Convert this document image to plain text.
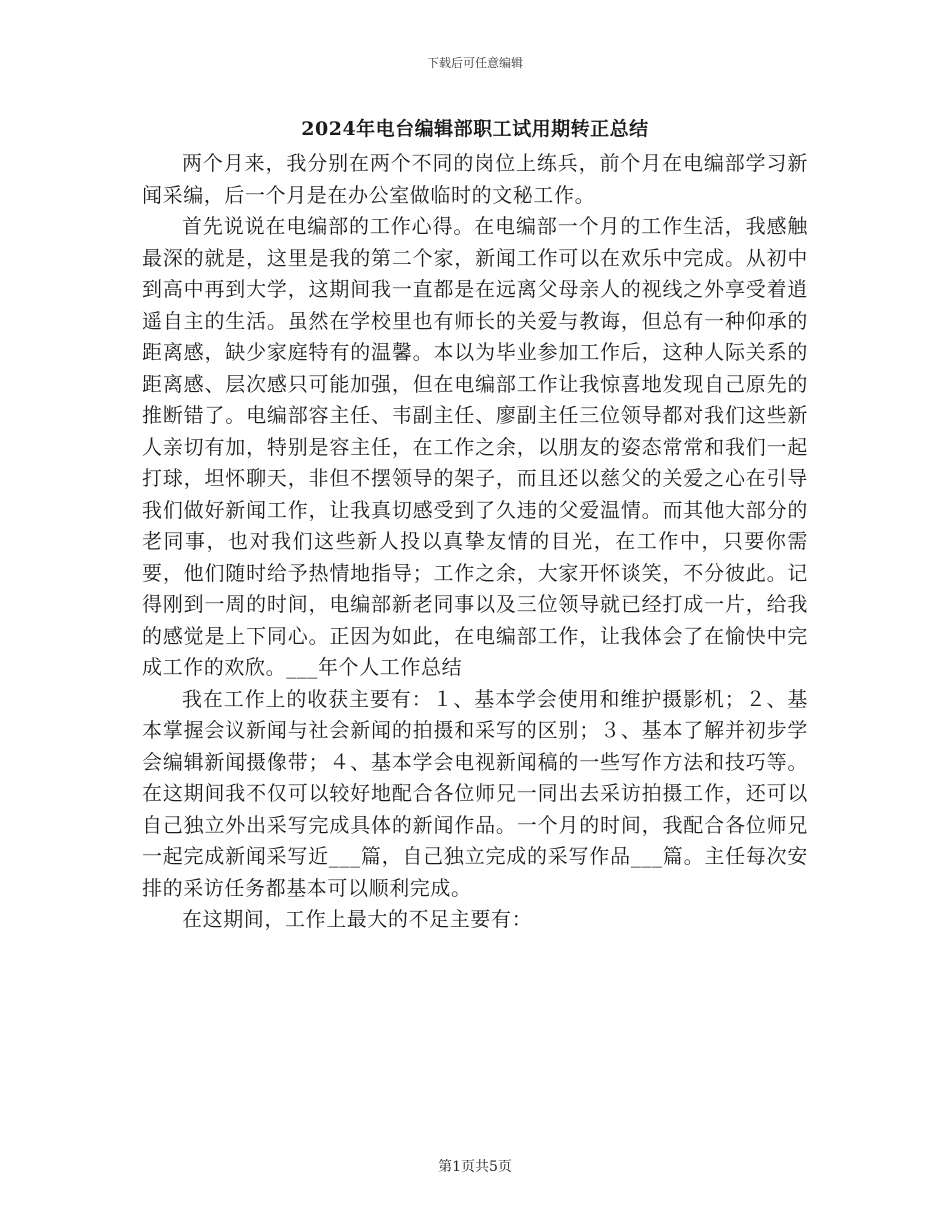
下载后可任意编辑
2024年电台编辑部职工试用期转正总结

两个月来，我分别在两个不同的岗位上练兵，前个月在电编部学习新闻采编，后一个月是在办公室做临时的文秘工作。

首先说说在电编部的工作心得。在电编部一个月的工作生活，我感触最深的就是，这里是我的第二个家，新闻工作可以在欢乐中完成。从初中到高中再到大学，这期间我一直都是在远离父母亲人的视线之外享受着逍遥自主的生活。虽然在学校里也有师长的关爱与教诲，但总有一种仰承的距离感，缺少家庭特有的温馨。本以为毕业参加工作后，这种人际关系的距离感、层次感只可能加强，但在电编部工作让我惊喜地发现自己原先的推断错了。电编部容主任、韦副主任、廖副主任三位领导都对我们这些新人亲切有加，特别是容主任，在工作之余，以朋友的姿态常常和我们一起打球，坦怀聊天，非但不摆领导的架子，而且还以慈父的关爱之心在引导我们做好新闻工作，让我真切感受到了久违的父爱温情。而其他大部分的老同事，也对我们这些新人投以真挚友情的目光，在工作中，只要你需要，他们随时给予热情地指导；工作之余，大家开怀谈笑，不分彼此。记得刚到一周的时间，电编部新老同事以及三位领导就已经打成一片，给我的感觉是上下同心。正因为如此，在电编部工作，让我体会了在愉快中完成工作的欢欣。___年个人工作总结

我在工作上的收获主要有：１、基本学会使用和维护摄影机；２、基本掌握会议新闻与社会新闻的拍摄和采写的区别；３、基本了解并初步学会编辑新闻摄像带；４、基本学会电视新闻稿的一些写作方法和技巧等。在这期间我不仅可以较好地配合各位师兄一同出去采访拍摄工作，还可以自己独立外出采写完成具体的新闻作品。一个月的时间，我配合各位师兄一起完成新闻采写近___篇，自己独立完成的采写作品___篇。主任每次安排的采访任务都基本可以顺利完成。

在这期间，工作上最大的不足主要有：

第1页共5页
